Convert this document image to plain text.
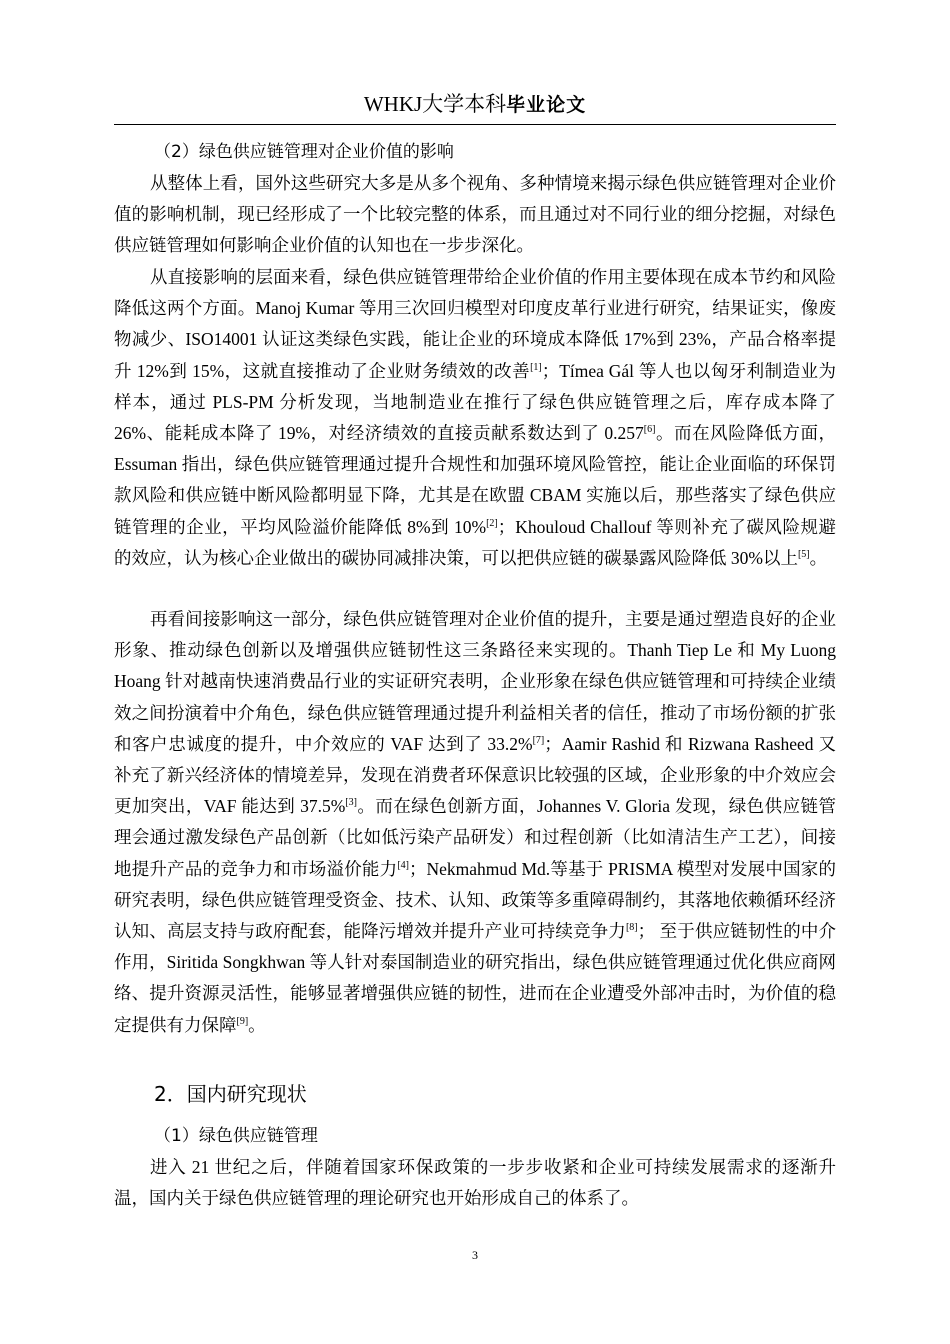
WHKJ大学本科毕业论文
（2）绿色供应链管理对企业价值的影响

从整体上看，国外这些研究大多是从多个视角、多种情境来揭示绿色供应链管理对企业价值的影响机制，现已经形成了一个比较完整的体系，而且通过对不同行业的细分挖掘，对绿色供应链管理如何影响企业价值的认知也在一步步深化。

从直接影响的层面来看，绿色供应链管理带给企业价值的作用主要体现在成本节约和风险降低这两个方面。Manoj Kumar 等用三次回归模型对印度皮革行业进行研究，结果证实，像废物减少、ISO14001 认证这类绿色实践，能让企业的环境成本降低 17%到 23%，产品合格率提升 12%到 15%，这就直接推动了企业财务绩效的改善[1]；Tímea Gál 等人也以匈牙利制造业为样本，通过 PLS-PM 分析发现，当地制造业在推行了绿色供应链管理之后，库存成本降了 26%、能耗成本降了 19%，对经济绩效的直接贡献系数达到了 0.257[6]。而在风险降低方面，Essuman 指出，绿色供应链管理通过提升合规性和加强环境风险管控，能让企业面临的环保罚款风险和供应链中断风险都明显下降，尤其是在欧盟 CBAM 实施以后，那些落实了绿色供应链管理的企业，平均风险溢价能降低 8%到 10%[2]；Khouloud Challouf 等则补充了碳风险规避的效应，认为核心企业做出的碳协同减排决策，可以把供应链的碳暴露风险降低 30%以上[5]。

再看间接影响这一部分，绿色供应链管理对企业价值的提升，主要是通过塑造良好的企业形象、推动绿色创新以及增强供应链韧性这三条路径来实现的。Thanh Tiep Le 和 My Luong Hoang 针对越南快速消费品行业的实证研究表明，企业形象在绿色供应链管理和可持续企业绩效之间扮演着中介角色，绿色供应链管理通过提升利益相关者的信任，推动了市场份额的扩张和客户忠诚度的提升，中介效应的 VAF 达到了 33.2%[7]；Aamir Rashid 和 Rizwana Rasheed 又补充了新兴经济体的情境差异，发现在消费者环保意识比较强的区域，企业形象的中介效应会更加突出，VAF 能达到 37.5%[3]。而在绿色创新方面，Johannes V. Gloria 发现，绿色供应链管理会通过激发绿色产品创新（比如低污染产品研发）和过程创新（比如清洁生产工艺），间接地提升产品的竞争力和市场溢价能力[4]；Nekmahmud Md.等基于 PRISMA 模型对发展中国家的研究表明，绿色供应链管理受资金、技术、认知、政策等多重障碍制约，其落地依赖循环经济认知、高层支持与政府配套，能降污增效并提升产业可持续竞争力[8]； 至于供应链韧性的中介作用，Siritida Songkhwan 等人针对泰国制造业的研究指出，绿色供应链管理通过优化供应商网络、提升资源灵活性，能够显著增强供应链的韧性，进而在企业遭受外部冲击时，为价值的稳定提供有力保障[9]。

2．国内研究现状
（1）绿色供应链管理

进入 21 世纪之后，伴随着国家环保政策的一步步收紧和企业可持续发展需求的逐渐升温，国内关于绿色供应链管理的理论研究也开始形成自己的体系了。

3
